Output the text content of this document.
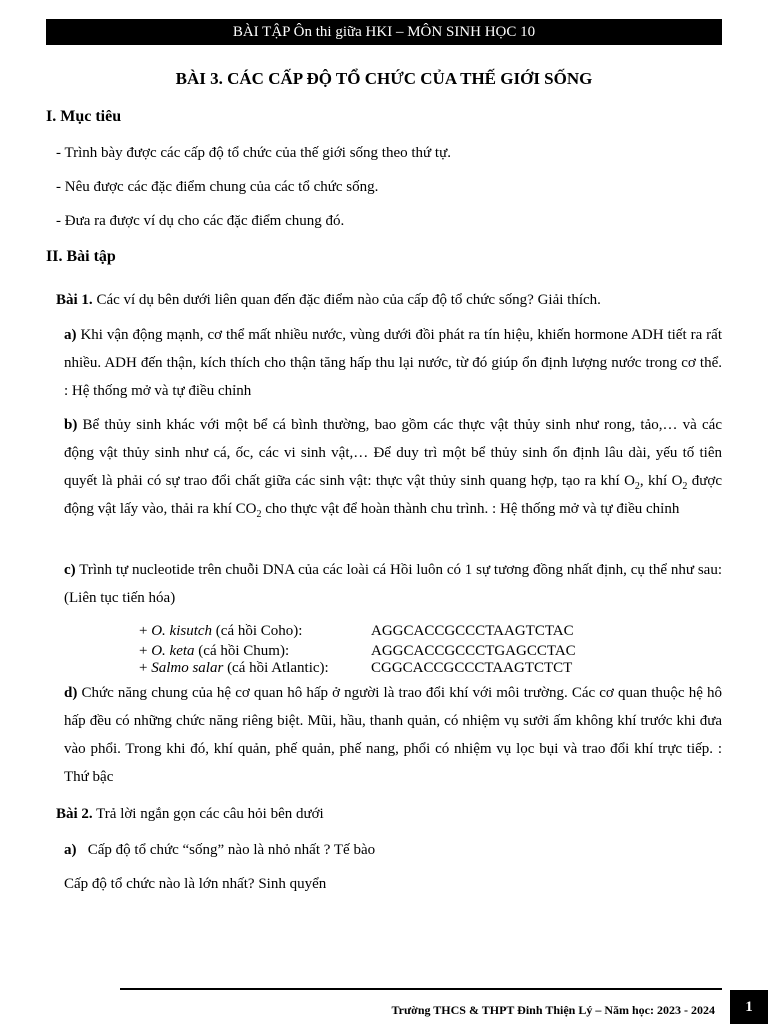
BÀI TẬP Ôn thi giữa HKI – MÔN SINH HỌC 10
BÀI 3. CÁC CẤP ĐỘ TỔ CHỨC CỦA THẾ GIỚI SỐNG
I. Mục tiêu
- Trình bày được các cấp độ tổ chức của thế giới sống theo thứ tự.
- Nêu được các đặc điểm chung của các tổ chức sống.
- Đưa ra được ví dụ cho các đặc điểm chung đó.
II. Bài tập
Bài 1. Các ví dụ bên dưới liên quan đến đặc điểm nào của cấp độ tổ chức sống? Giải thích.
a) Khi vận động mạnh, cơ thể mất nhiều nước, vùng dưới đồi phát ra tín hiệu, khiến hormone ADH tiết ra rất nhiều. ADH đến thận, kích thích cho thận tăng hấp thu lại nước, từ đó giúp ổn định lượng nước trong cơ thể. : Hệ thống mở và tự điều chỉnh
b) Bể thủy sinh khác với một bể cá bình thường, bao gồm các thực vật thủy sinh như rong, tảo,… và các động vật thủy sinh như cá, ốc, các vi sinh vật,… Để duy trì một bể thủy sinh ổn định lâu dài, yếu tố tiên quyết là phải có sự trao đổi chất giữa các sinh vật: thực vật thủy sinh quang hợp, tạo ra khí $O_2$, khí $O_2$ được động vật lấy vào, thải ra khí $CO_2$ cho thực vật để hoàn thành chu trình. : Hệ thống mở và tự điều chỉnh
c) Trình tự nucleotide trên chuỗi DNA của các loài cá Hồi luôn có 1 sự tương đồng nhất định, cụ thể như sau: (Liên tục tiến hóa)
+ O. kisutch (cá hồi Coho):	AGGCACCGCCCTAAGTCTAC
+ O. keta (cá hồi Chum):	AGGCACCGCCCTGAGCCTAC
+ Salmo salar (cá hồi Atlantic):	CGGCACCGCCCTAAGTCTCT
d) Chức năng chung của hệ cơ quan hô hấp ở người là trao đổi khí với môi trường. Các cơ quan thuộc hệ hô hấp đều có những chức năng riêng biệt. Mũi, hầu, thanh quản, có nhiệm vụ sưởi ấm không khí trước khi đưa vào phổi. Trong khi đó, khí quản, phế quản, phế nang, phổi có nhiệm vụ lọc bụi và trao đổi khí trực tiếp. : Thứ bậc
Bài 2. Trả lời ngắn gọn các câu hỏi bên dưới
a) Cấp độ tổ chức “sống” nào là nhỏ nhất ? Tế bào
Cấp độ tổ chức nào là lớn nhất? Sinh quyển
Trường THCS & THPT Đinh Thiện Lý – Năm học: 2023 - 2024	1
